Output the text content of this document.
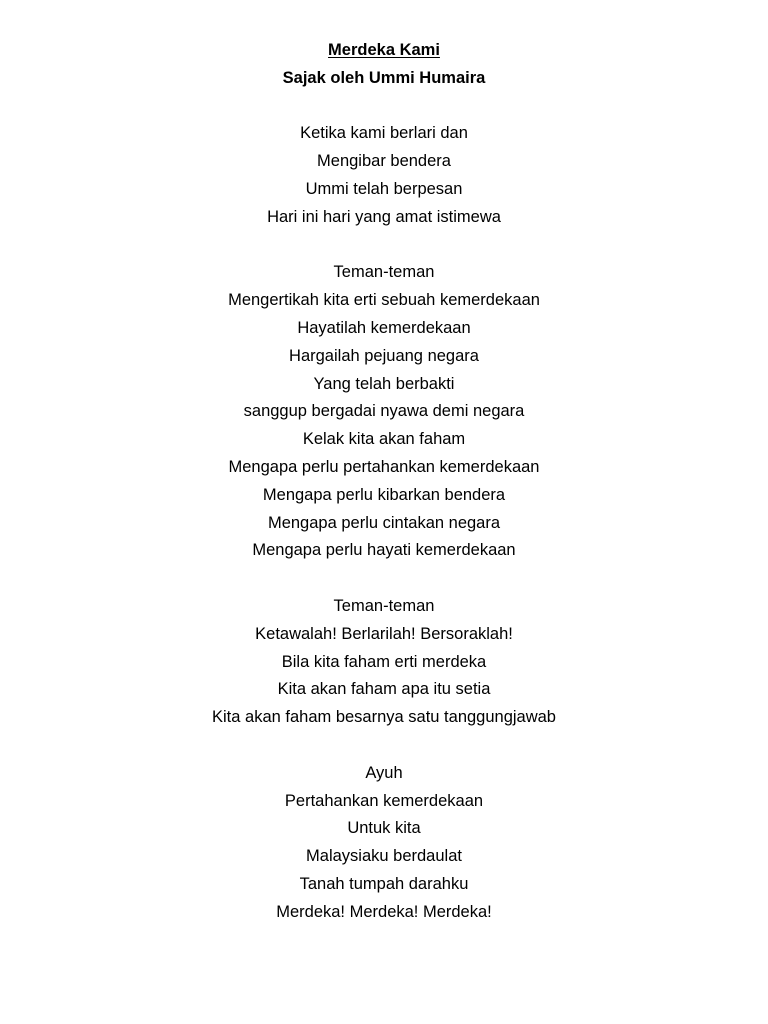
Merdeka Kami
Sajak oleh Ummi Humaira
Ketika kami berlari dan
Mengibar bendera
Ummi telah berpesan
Hari ini hari yang amat istimewa
Teman-teman
Mengertikah kita erti sebuah kemerdekaan
Hayatilah kemerdekaan
Hargailah pejuang negara
Yang telah berbakti
sanggup bergadai nyawa demi negara
Kelak kita akan faham
Mengapa perlu pertahankan kemerdekaan
Mengapa perlu kibarkan bendera
Mengapa perlu cintakan negara
Mengapa perlu hayati kemerdekaan
Teman-teman
Ketawalah! Berlarilah! Bersoraklah!
Bila kita faham erti merdeka
Kita akan faham apa itu setia
Kita akan faham besarnya satu tanggungjawab
Ayuh
Pertahankan kemerdekaan
Untuk kita
Malaysiaku berdaulat
Tanah tumpah darahku
Merdeka! Merdeka! Merdeka!
